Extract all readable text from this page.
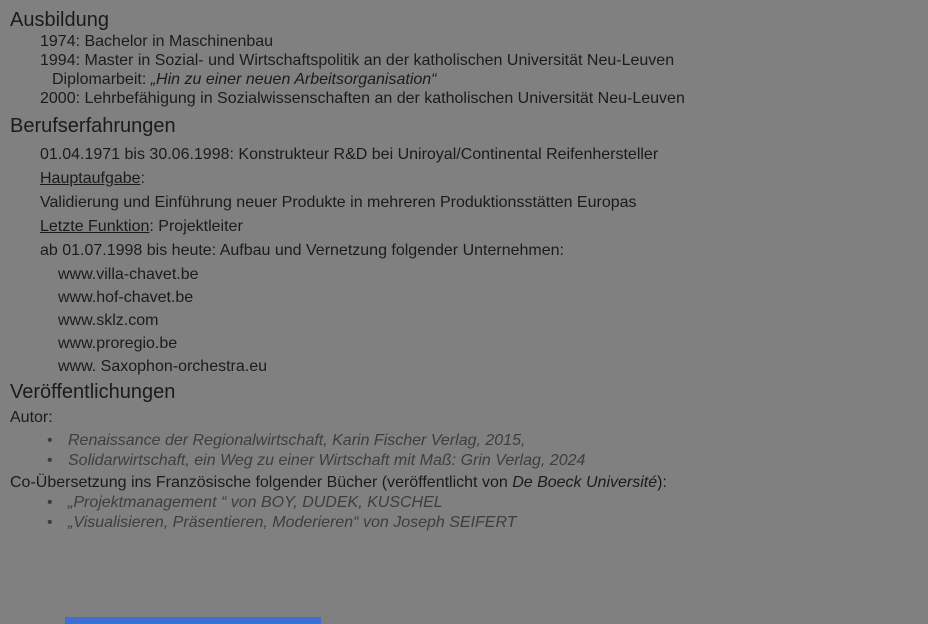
Ausbildung
1974: Bachelor in Maschinenbau
1994: Master in Sozial- und Wirtschaftspolitik an der katholischen Universität Neu-Leuven
Diplomarbeit: „Hin zu einer neuen Arbeitsorganisation“
2000: Lehrbefähigung in Sozialwissenschaften an der katholischen Universität Neu-Leuven
Berufserfahrungen
01.04.1971 bis 30.06.1998: Konstrukteur R&D bei Uniroyal/Continental Reifenhersteller
Hauptaufgabe:
Validierung und Einführung neuer Produkte in mehreren Produktionsstätten Europas
Letzte Funktion: Projektleiter
ab 01.07.1998 bis heute: Aufbau und Vernetzung folgender Unternehmen:
www.villa-chavet.be
www.hof-chavet.be
www.sklz.com
www.proregio.be
www. Saxophon-orchestra.eu
Veröffentlichungen
Autor:
• Renaissance der Regionalwirtschaft, Karin Fischer Verlag, 2015,
• Solidarwirtschaft, ein Weg zu einer Wirtschaft mit Maß: Grin Verlag, 2024
Co-Übersetzung ins Französische folgender Bücher (veröffentlicht von De Boeck Université):
• „Projektmanagement “ von BOY, DUDEK, KUSCHEL
• „Visualisieren, Präsentieren, Moderieren“ von Joseph SEIFERT
